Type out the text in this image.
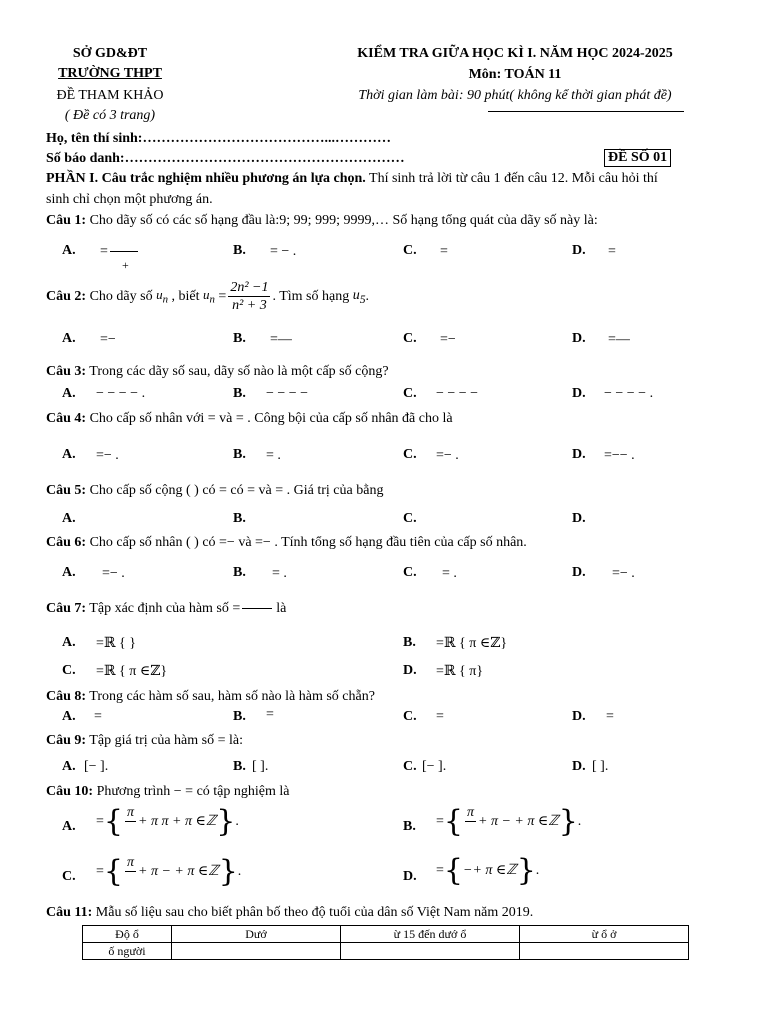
SỞ GD&ĐT
TRƯỜNG THPT
ĐỀ THAM KHẢO
( Đề có 3 trang)
KIỂM TRA GIỮA HỌC KÌ I. NĂM HỌC 2024-2025
Môn: TOÁN 11
Thời gian làm bài: 90 phút( không kể thời gian phát đề)
Họ, tên thí sinh:…………………………………...…………
Số báo danh:……………………………………………………	ĐỀ SỐ 01
PHẦN I. Câu trắc nghiệm nhiều phương án lựa chọn. Thí sinh trả lời từ câu 1 đến câu 12. Mỗi câu hỏi thí
sinh chỉ chọn một phương án.
Câu 1: Cho dãy số có các số hạng đầu là:9; 99; 999; 9999,… Số hạng tổng quát của dãy số này là:
A. =
+
B. = − .	C. =	D. =
Câu 2: Cho dãy số $u_n$ , biết $u_n = \frac{\text{2n² −1}}{\text{n² + 3}}$ . Tìm số hạng $u_5$.
A. =−	B. =—	C. =−	D. =—
Câu 3: Trong các dãy số sau, dãy số nào là một cấp số cộng?
A. − − − − .	B. − − − −	C. − − − −	D. − − − − .
Câu 4: Cho cấp số nhân với = và = . Công bội của cấp số nhân đã cho là
A. =− .	B. = .	C. =− .	D. =−− .
Câu 5: Cho cấp số cộng ( ) có = có = và = . Giá trị của bằng
A.	B.	C.	D.
Câu 6: Cho cấp số nhân ( ) có =− và =− . Tính tổng số hạng đầu tiên của cấp số nhân.
A. =− .	B. = .	C. = .	D. =− .
Câu 7: Tập xác định của hàm số =	là
A. =ℝ { }	B. =ℝ { π ∈ℤ}
C. =ℝ { π ∈ℤ}	D. =ℝ { π}
Câu 8: Trong các hàm số sau, hàm số nào là hàm số chẵn?
A. =	B. =	C. =	D. =
Câu 9: Tập giá trị của hàm số = là:
A. [− ].	B. [ ].	C. [− ].	D. [ ].
Câu 10: Phương trình − = có tập nghiệm là
A. ={ π

+ π π + π ∈ℤ}.	B. ={ π

+ π − + π ∈ℤ}.
C. ={ π

+ π − + π ∈ℤ}.	D. ={−+ π ∈ℤ}.
Câu 11: Mẫu số liệu sau cho biết phân bố theo độ tuổi của dân số Việt Nam năm 2019.
Độ ổ	Dướ	ừ 15 đến dướ ổ	ừ ổ ở
ố người			
